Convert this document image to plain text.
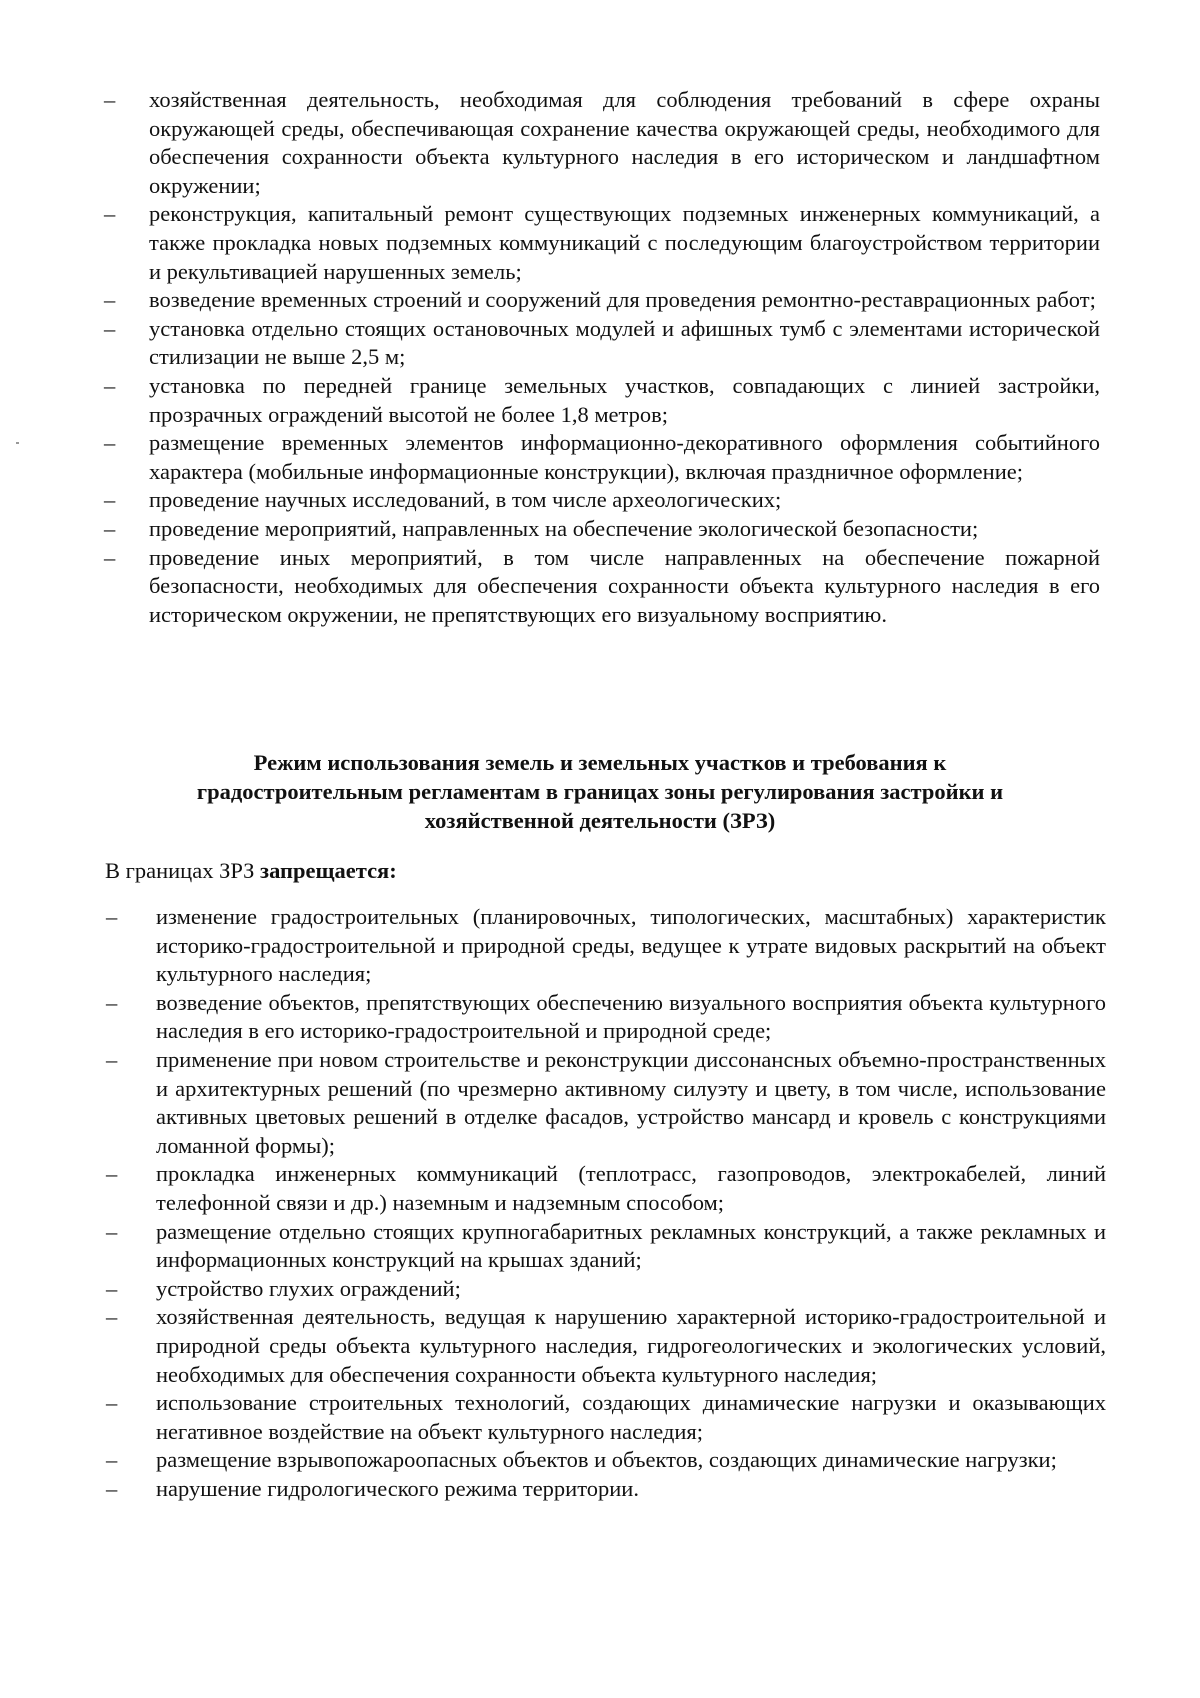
– хозяйственная деятельность, необходимая для соблюдения требований в сфере охраны окружающей среды, обеспечивающая сохранение качества окружающей среды, необходимого для обеспечения сохранности объекта культурного наследия в его историческом и ландшафтном окружении;
– реконструкция, капитальный ремонт существующих подземных инженерных коммуникаций, а также прокладка новых подземных коммуникаций с последующим благоустройством территории и рекультивацией нарушенных земель;
– возведение временных строений и сооружений для проведения ремонтно-реставрационных работ;
– установка отдельно стоящих остановочных модулей и афишных тумб с элементами исторической стилизации не выше 2,5 м;
– установка по передней границе земельных участков, совпадающих с линией застройки, прозрачных ограждений высотой не более 1,8 метров;
– размещение временных элементов информационно-декоративного оформления событийного характера (мобильные информационные конструкции), включая праздничное оформление;
– проведение научных исследований, в том числе археологических;
– проведение мероприятий, направленных на обеспечение экологической безопасности;
– проведение иных мероприятий, в том числе направленных на обеспечение пожарной безопасности, необходимых для обеспечения сохранности объекта культурного наследия в его историческом окружении, не препятствующих его визуальному восприятию.
Режим использования земель и земельных участков и требования к
градостроительным регламентам в границах зоны регулирования застройки и
хозяйственной деятельности (ЗРЗ)

В границах ЗРЗ запрещается:

– изменение градостроительных (планировочных, типологических, масштабных) характеристик историко-градостроительной и природной среды, ведущее к утрате видовых раскрытий на объект культурного наследия;
– возведение объектов, препятствующих обеспечению визуального восприятия объекта культурного наследия в его историко-градостроительной и природной среде;
– применение при новом строительстве и реконструкции диссонансных объемно-пространственных и архитектурных решений (по чрезмерно активному силуэту и цвету, в том числе, использование активных цветовых решений в отделке фасадов, устройство мансард и кровель с конструкциями ломанной формы);
– прокладка инженерных коммуникаций (теплотрасс, газопроводов, электрокабелей, линий телефонной связи и др.) наземным и надземным способом;
– размещение отдельно стоящих крупногабаритных рекламных конструкций, а также рекламных и информационных конструкций на крышах зданий;
– устройство глухих ограждений;
– хозяйственная деятельность, ведущая к нарушению характерной историко-градостроительной и природной среды объекта культурного наследия, гидрогеологических и экологических условий, необходимых для обеспечения сохранности объекта культурного наследия;
– использование строительных технологий, создающих динамические нагрузки и оказывающих негативное воздействие на объект культурного наследия;
– размещение взрывопожароопасных объектов и объектов, создающих динамические нагрузки;
– нарушение гидрологического режима территории.
